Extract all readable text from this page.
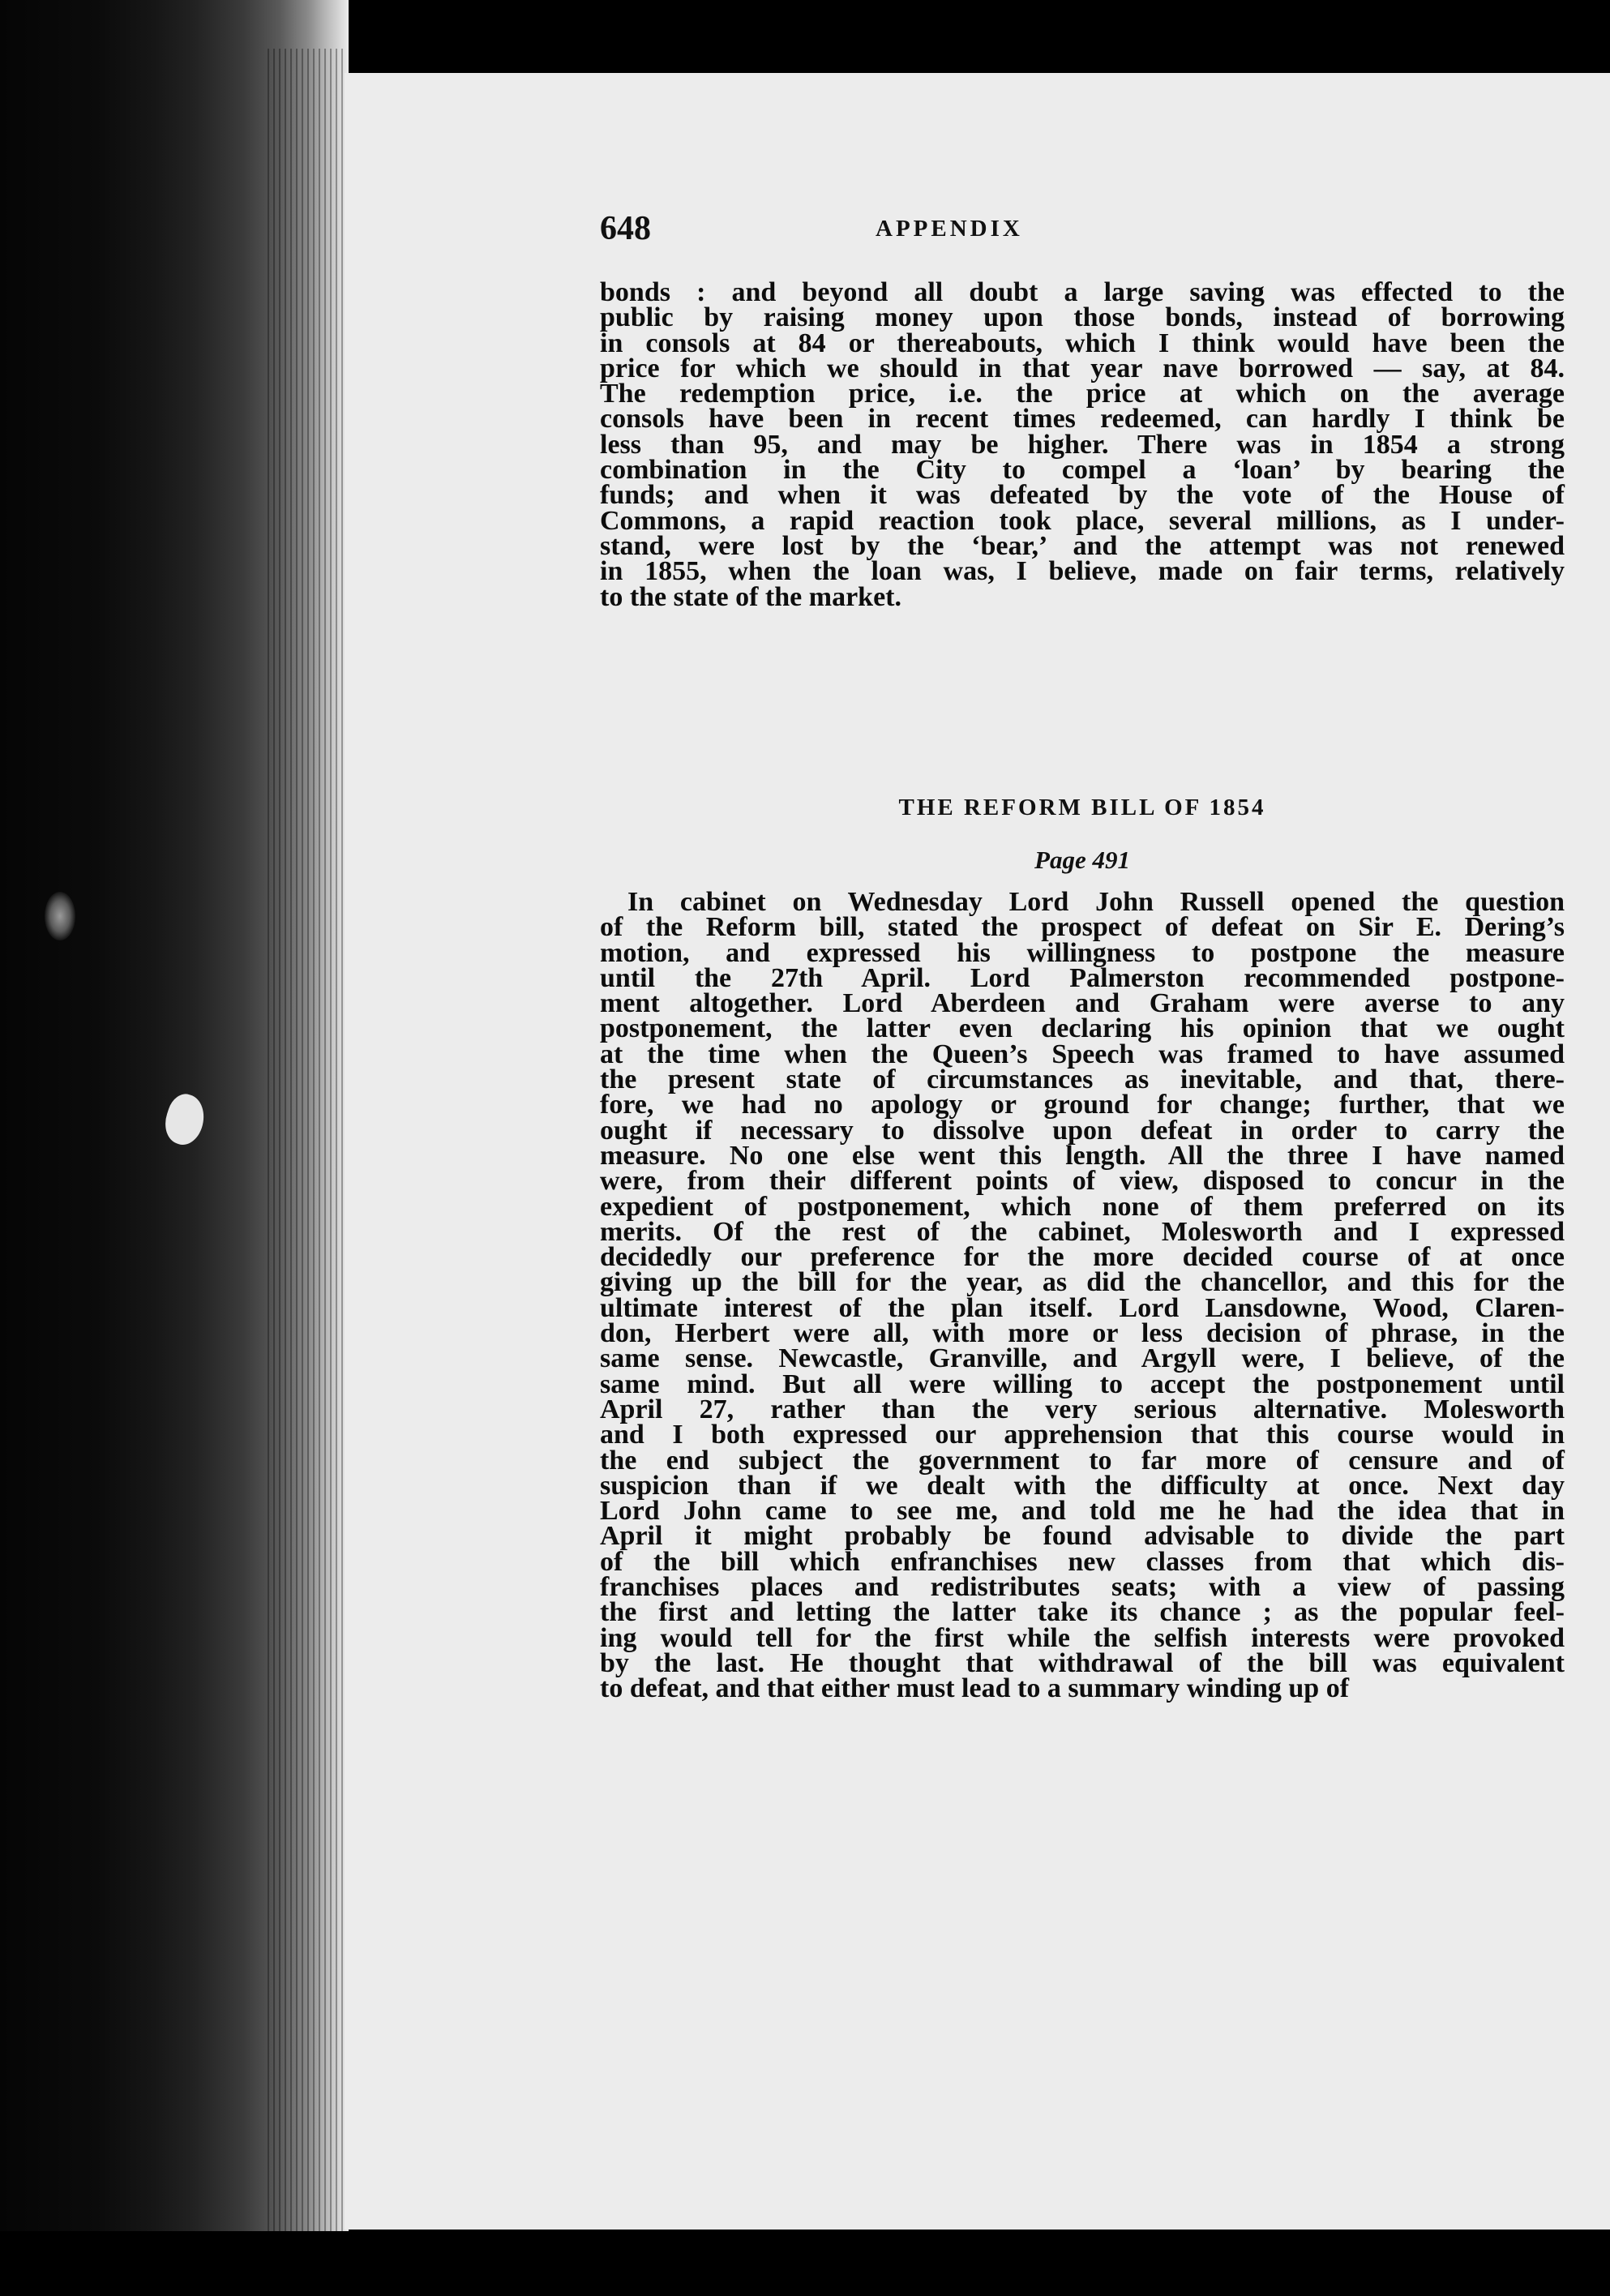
648	APPENDIX
bonds : and beyond all doubt a large saving was effected to the
public by raising money upon those bonds, instead of borrowing
in consols at 84 or thereabouts, which I think would have been the
price for which we should in that year nave borrowed — say, at 84.
The redemption price, i.e. the price at which on the average
consols have been in recent times redeemed, can hardly I think be
less than 95, and may be higher. There was in 1854 a strong
combination in the City to compel a ‘loan’ by bearing the
funds; and when it was defeated by the vote of the House of
Commons, a rapid reaction took place, several millions, as I under-
stand, were lost by the ‘bear,’ and the attempt was not renewed
in 1855, when the loan was, I believe, made on fair terms, relatively
to the state of the market.
THE REFORM BILL OF 1854
Page 491
In cabinet on Wednesday Lord John Russell opened the question
of the Reform bill, stated the prospect of defeat on Sir E. Dering’s
motion, and expressed his willingness to postpone the measure
until the 27th April. Lord Palmerston recommended postpone-
ment altogether. Lord Aberdeen and Graham were averse to any
postponement, the latter even declaring his opinion that we ought
at the time when the Queen’s Speech was framed to have assumed
the present state of circumstances as inevitable, and that, there-
fore, we had no apology or ground for change; further, that we
ought if necessary to dissolve upon defeat in order to carry the
measure. No one else went this length. All the three I have named
were, from their different points of view, disposed to concur in the
expedient of postponement, which none of them preferred on its
merits. Of the rest of the cabinet, Molesworth and I expressed
decidedly our preference for the more decided course of at once
giving up the bill for the year, as did the chancellor, and this for the
ultimate interest of the plan itself. Lord Lansdowne, Wood, Claren-
don, Herbert were all, with more or less decision of phrase, in the
same sense. Newcastle, Granville, and Argyll were, I believe, of the
same mind. But all were willing to accept the postponement until
April 27, rather than the very serious alternative. Molesworth
and I both expressed our apprehension that this course would in
the end subject the government to far more of censure and of
suspicion than if we dealt with the difficulty at once. Next day
Lord John came to see me, and told me he had the idea that in
April it might probably be found advisable to divide the part
of the bill which enfranchises new classes from that which dis-
franchises places and redistributes seats; with a view of passing
the first and letting the latter take its chance ; as the popular feel-
ing would tell for the first while the selfish interests were provoked
by the last. He thought that withdrawal of the bill was equivalent
to defeat, and that either must lead to a summary winding up of
